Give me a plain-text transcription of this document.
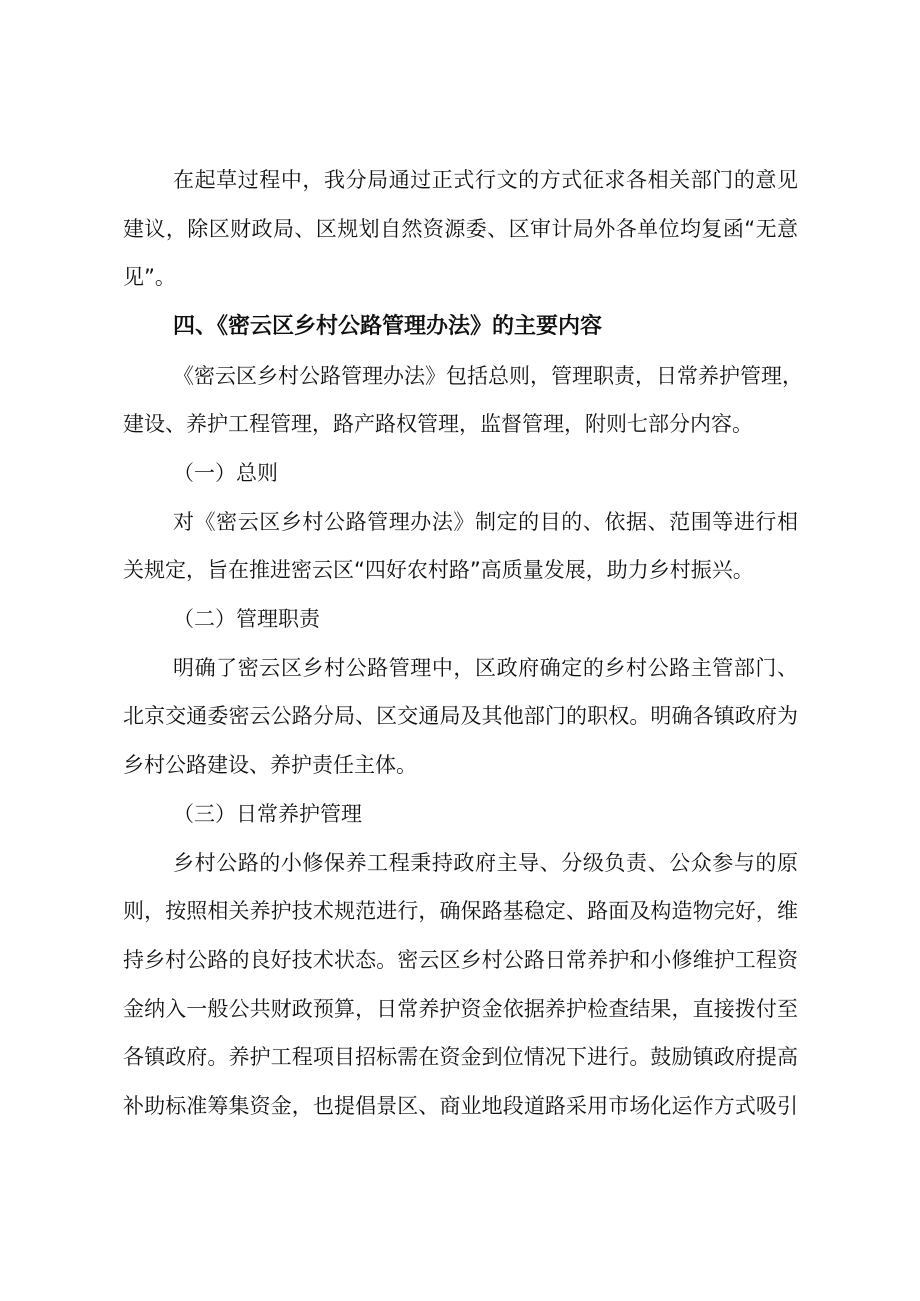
在起草过程中，我分局通过正式行文的方式征求各相关部门的意见

建议，除区财政局、区规划自然资源委、区审计局外各单位均复函“无意

见”。

四、《密云区乡村公路管理办法》的主要内容

《密云区乡村公路管理办法》包括总则，管理职责，日常养护管理，

建设、养护工程管理，路产路权管理，监督管理，附则七部分内容。

（一）总则

对《密云区乡村公路管理办法》制定的目的、依据、范围等进行相

关规定，旨在推进密云区“四好农村路”高质量发展，助力乡村振兴。

（二）管理职责

明确了密云区乡村公路管理中，区政府确定的乡村公路主管部门、

北京交通委密云公路分局、区交通局及其他部门的职权。明确各镇政府为

乡村公路建设、养护责任主体。

（三）日常养护管理

乡村公路的小修保养工程秉持政府主导、分级负责、公众参与的原

则，按照相关养护技术规范进行，确保路基稳定、路面及构造物完好，维

持乡村公路的良好技术状态。密云区乡村公路日常养护和小修维护工程资

金纳入一般公共财政预算，日常养护资金依据养护检查结果，直接拨付至

各镇政府。养护工程项目招标需在资金到位情况下进行。鼓励镇政府提高

补助标准筹集资金，也提倡景区、商业地段道路采用市场化运作方式吸引
